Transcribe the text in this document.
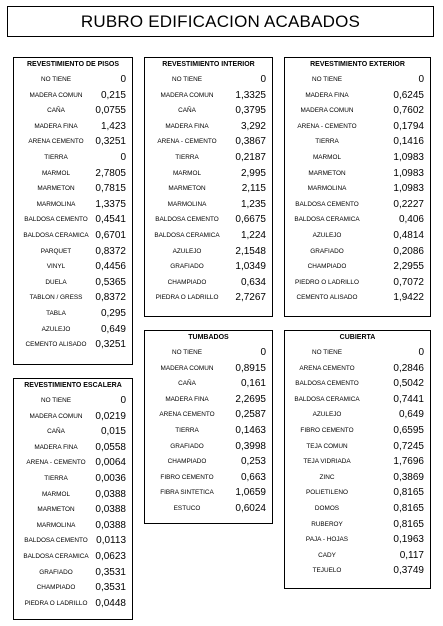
RUBRO EDIFICACION ACABADOS
REVESTIMIENTO DE PISOS
NO TIENE	0
MADERA COMUN	0,215
CAÑA	0,0755
MADERA FINA	1,423
ARENA CEMENTO	0,3251
TIERRA	0
MARMOL	2,7805
MARMETON	0,7815
MARMOLINA	1,3375
BALDOSA CEMENTO 0,4541
BALDOSA CERAMICA 0,6701
PARQUET	0,8372
VINYL	0,4456
DUELA	0,5365
TABLON / GRESS	0,8372
TABLA	0,295
AZULEJO	0,649
CEMENTO ALISADO 0,3251
REVESTIMIENTO INTERIOR
NO TIENE	0
MADERA COMUN	1,3325
CAÑA	0,3795
MADERA FINA	3,292
ARENA - CEMENTO	0,3867
TIERRA	0,2187
MARMOL	2,995
MARMETON	2,115
MARMOLINA	1,235
BALDOSA CEMENTO	0,6675
BALDOSA CERAMICA	1,224
AZULEJO	2,1548
GRAFIADO	1,0349
CHAMPIADO	0,634
PIEDRA O LADRILLO	2,7267
REVESTIMIENTO EXTERIOR
NO TIENE	0
MADERA FINA	0,6245
MADERA COMUN	0,7602
ARENA - CEMENTO	0,1794
TIERRA	0,1416
MARMOL	1,0983
MARMETON	1,0983
MARMOLINA	1,0983
BALDOSA CEMENTO	0,2227
BALDOSA CERAMICA	0,406
AZULEJO	0,4814
GRAFIADO	0,2086
CHAMPIADO	2,2955
PIEDRO O LADRILLO	0,7072
CEMENTO ALISADO	1,9422
TUMBADOS
NO TIENE	0
MADERA COMUN	0,8915
CAÑA	0,161
MADERA FINA	2,2695
ARENA CEMENTO	0,2587
TIERRA	0,1463
GRAFIADO	0,3998
CHAMPIADO	0,253
FIBRO CEMENTO	0,663
FIBRA SINTETICA	1,0659
ESTUCO	0,6024
CUBIERTA
NO TIENE	0
ARENA CEMENTO	0,2846
BALDOSA CEMENTO	0,5042
BALDOSA CERAMICA	0,7441
AZULEJO	0,649
FIBRO CEMENTO	0,6595
TEJA COMUN	0,7245
TEJA VIDRIADA	1,7696
ZINC	0,3869
POLIETILENO	0,8165
DOMOS	0,8165
RUBEROY	0,8165
PAJA - HOJAS	0,1963
CADY	0,117
TEJUELO	0,3749
REVESTIMIENTO ESCALERA
NO TIENE	0
MADERA COMUN	0,0219
CAÑA	0,015
MADERA FINA	0,0558
ARENA - CEMENTO 0,0064
TIERRA	0,0036
MARMOL	0,0388
MARMETON	0,0388
MARMOLINA	0,0388
BALDOSA CEMENTO 0,0113
BALDOSA CERAMICA 0,0623
GRAFIADO	0,3531
CHAMPIADO	0,3531
PIEDRA O LADRILLO 0,0448
